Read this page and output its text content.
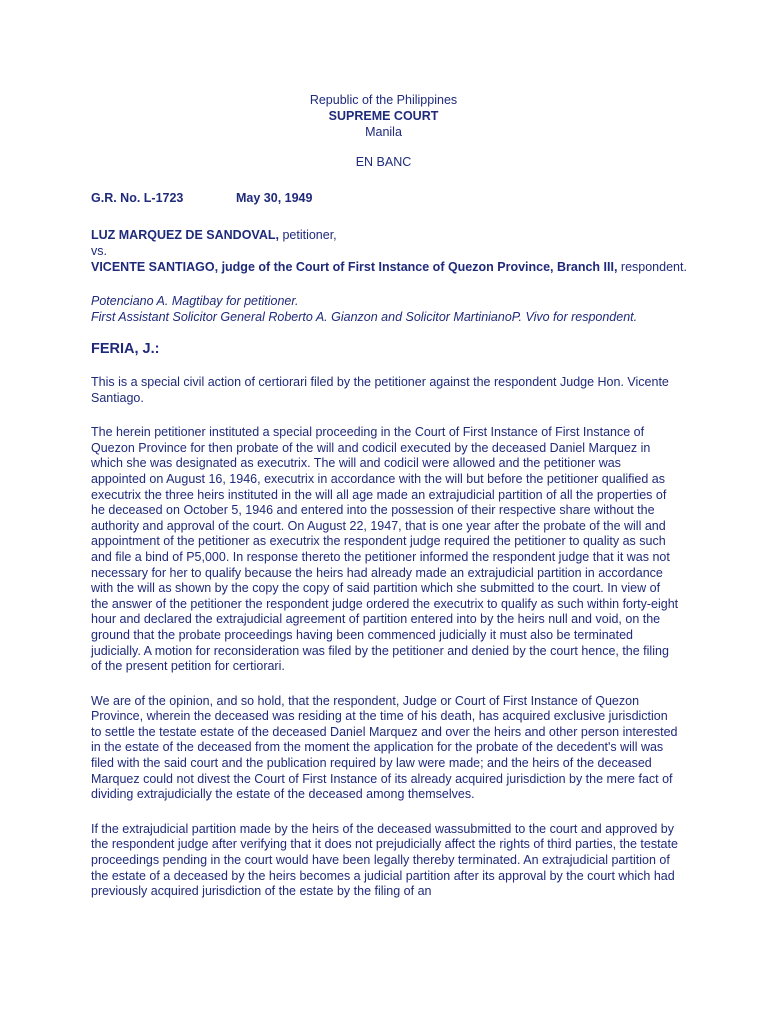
Republic of the Philippines
SUPREME COURT
Manila
EN BANC
G.R. No. L-1723	May 30, 1949
LUZ MARQUEZ DE SANDOVAL, petitioner,
vs.
VICENTE SANTIAGO, judge of the Court of First Instance of Quezon Province, Branch III, respondent.
Potenciano A. Magtibay for petitioner.
First Assistant Solicitor General Roberto A. Gianzon and Solicitor MartinianoP. Vivo for respondent.
FERIA, J.:
This is a special civil action of certiorari filed by the petitioner against the respondent Judge Hon. Vicente Santiago.
The herein petitioner instituted a special proceeding in the Court of First Instance of First Instance of Quezon Province for then probate of the will and codicil executed by the deceased Daniel Marquez in which she was designated as executrix. The will and codicil were allowed and the petitioner was appointed on August 16, 1946, executrix in accordance with the will but before the petitioner qualified as executrix the three heirs instituted in the will all age made an extrajudicial partition of all the properties of he deceased on October 5, 1946 and entered into the possession of their respective share without the authority and approval of the court. On August 22, 1947, that is one year after the probate of the will and appointment of the petitioner as executrix the respondent judge required the petitioner to quality as such and file a bind of P5,000. In response thereto the petitioner informed the respondent judge that it was not necessary for her to qualify because the heirs had already made an extrajudicial partition in accordance with the will as shown by the copy the copy of said partition which she submitted to the court. In view of the answer of the petitioner the respondent judge ordered the executrix to qualify as such within forty-eight hour and declared the extrajudicial agreement of partition entered into by the heirs null and void, on the ground that the probate proceedings having been commenced judicially it must also be terminated judicially. A motion for reconsideration was filed by the petitioner and denied by the court hence, the filing of the present petition for certiorari.
We are of the opinion, and so hold, that the respondent, Judge or Court of First Instance of Quezon Province, wherein the deceased was residing at the time of his death, has acquired exclusive jurisdiction to settle the testate estate of the deceased Daniel Marquez and over the heirs and other person interested in the estate of the deceased from the moment the application for the probate of the decedent's will was filed with the said court and the publication required by law were made; and the heirs of the deceased Marquez could not divest the Court of First Instance of its already acquired jurisdiction by the mere fact of dividing extrajudicially the estate of the deceased among themselves.
If the extrajudicial partition made by the heirs of the deceased wassubmitted to the court and approved by the respondent judge after verifying that it does not prejudicially affect the rights of third parties, the testate proceedings pending in the court would have been legally thereby terminated. An extrajudicial partition of the estate of a deceased by the heirs becomes a judicial partition after its approval by the court which had previously acquired jurisdiction of the estate by the filing of an
